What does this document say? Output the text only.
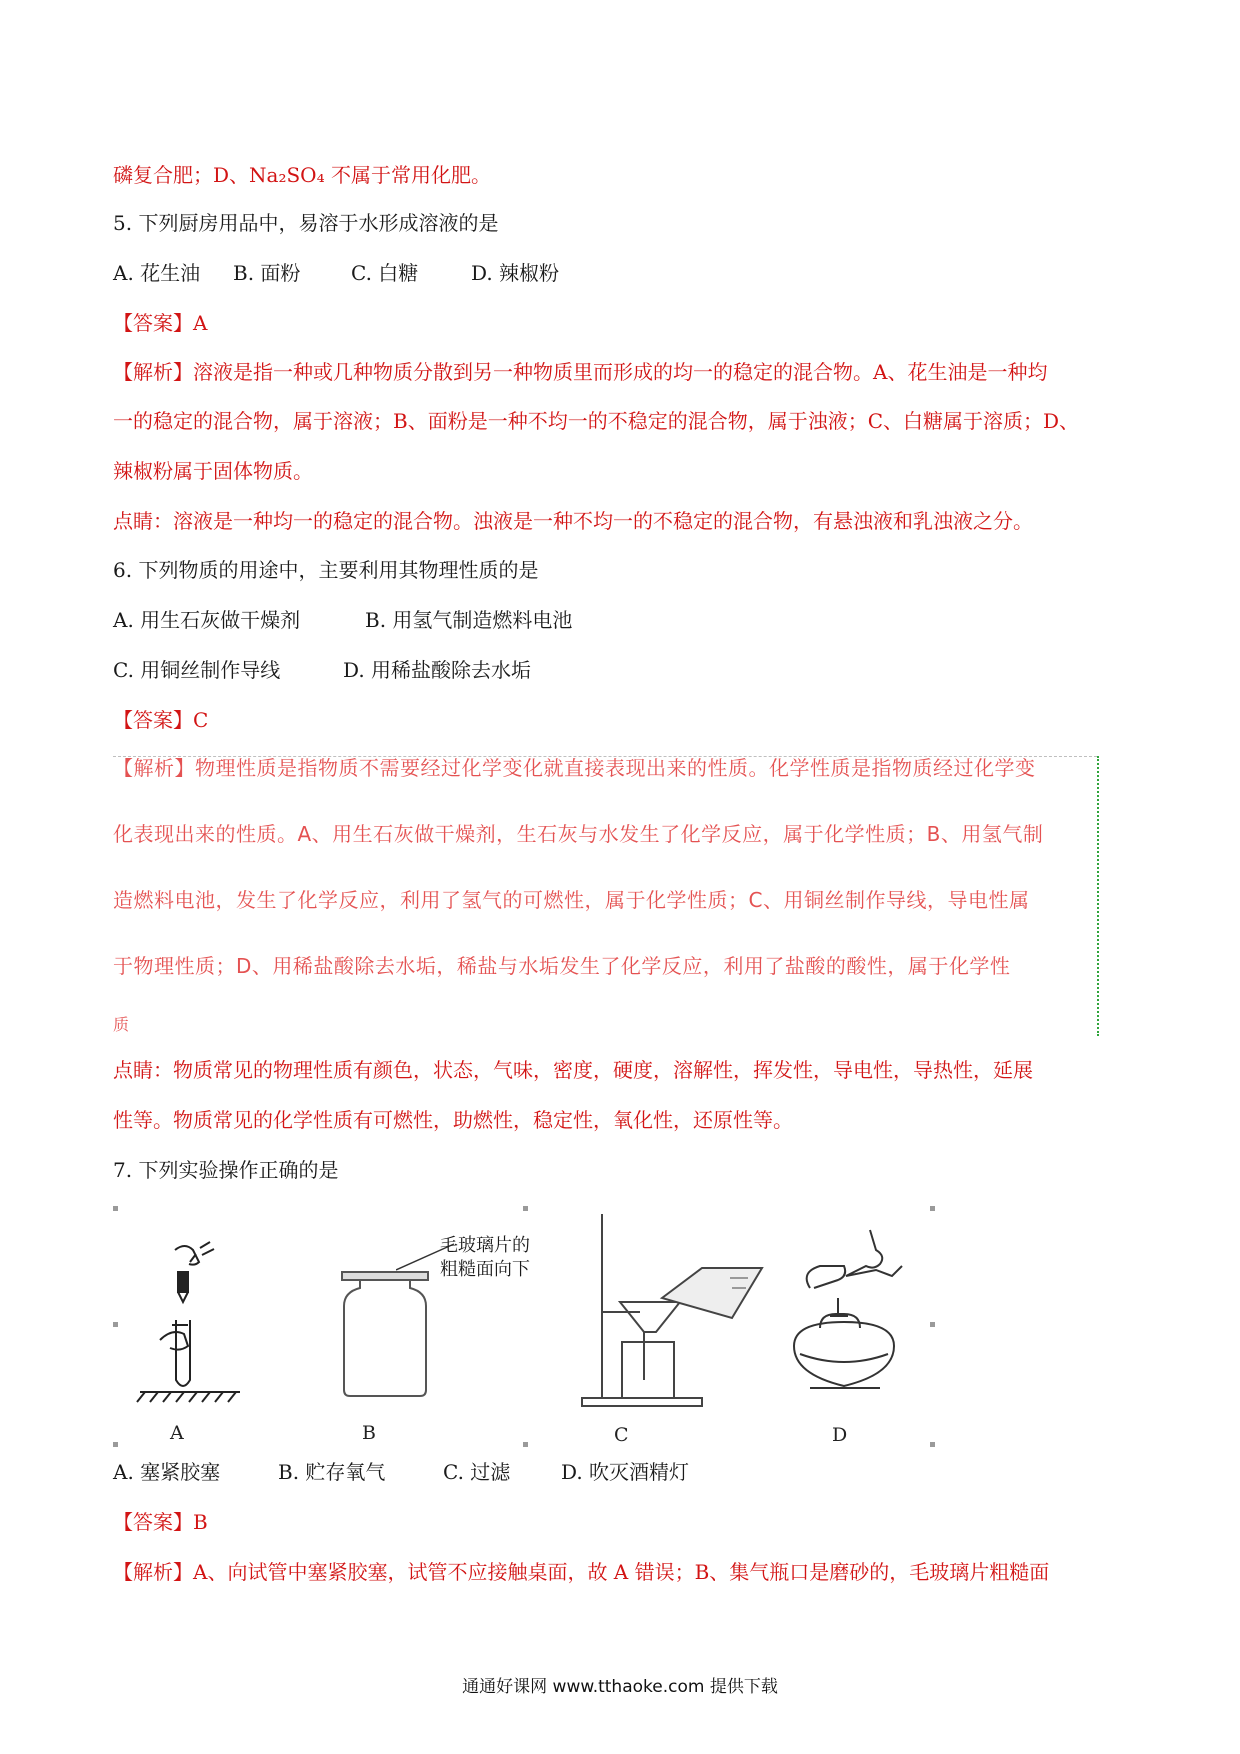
磷复合肥；D、Na₂SO₄ 不属于常用化肥。
5. 下列厨房用品中，易溶于水形成溶液的是
A. 花生油 B. 面粉	C. 白糖	D. 辣椒粉
【答案】A
【解析】溶液是指一种或几种物质分散到另一种物质里而形成的均一的稳定的混合物。A、花生油是一种均
一的稳定的混合物，属于溶液；B、面粉是一种不均一的不稳定的混合物，属于浊液；C、白糖属于溶质；D、
辣椒粉属于固体物质。
点睛：溶液是一种均一的稳定的混合物。浊液是一种不均一的不稳定的混合物，有悬浊液和乳浊液之分。
6. 下列物质的用途中，主要利用其物理性质的是
A. 用生石灰做干燥剂	B. 用氢气制造燃料电池
C. 用铜丝制作导线	D. 用稀盐酸除去水垢
【答案】C
【解析】物理性质是指物质不需要经过化学变化就直接表现出来的性质。化学性质是指物质经过化学变
化表现出来的性质。A、用生石灰做干燥剂，生石灰与水发生了化学反应，属于化学性质；B、用氢气制
造燃料电池，发生了化学反应，利用了氢气的可燃性，属于化学性质；C、用铜丝制作导线，导电性属
于物理性质；D、用稀盐酸除去水垢，稀盐与水垢发生了化学反应，利用了盐酸的酸性，属于化学性
质
点睛：物质常见的物理性质有颜色，状态，气味，密度，硬度，溶解性，挥发性，导电性，导热性，延展
性等。物质常见的化学性质有可燃性，助燃性，稳定性，氧化性，还原性等。
7. 下列实验操作正确的是
A
毛玻璃片的
粗糙面向下
B	C	D
A. 塞紧胶塞	B. 贮存氧气	C. 过滤	D. 吹灭酒精灯
【答案】B
【解析】A、向试管中塞紧胶塞，试管不应接触桌面，故 A 错误；B、集气瓶口是磨砂的，毛玻璃片粗糙面
通通好课网 www.tthaoke.com 提供下载
